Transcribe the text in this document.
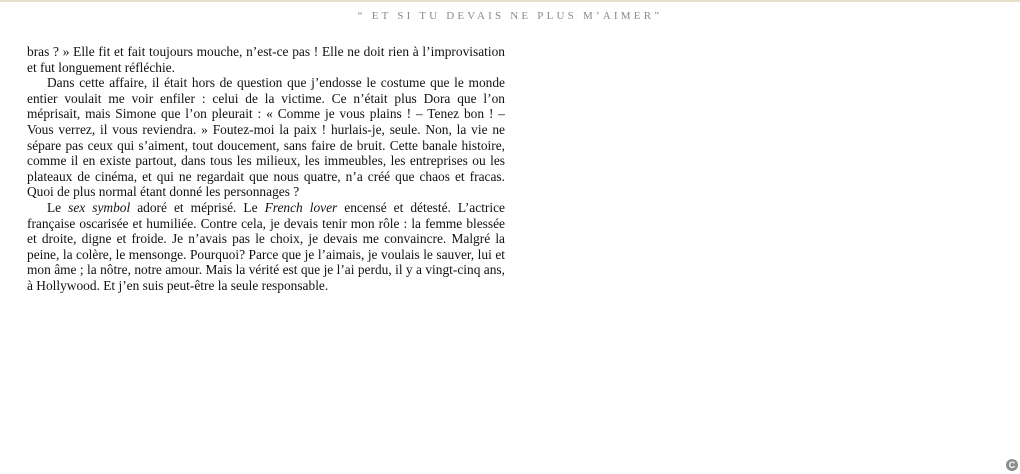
“ ET SI TU DEVAIS NE PLUS M’AIMER”

bras ? » Elle fit et fait toujours mouche, n’est-ce pas ! Elle ne doit rien à l’improvisation et fut longuement réfléchie.

Dans cette affaire, il était hors de question que j’endosse le costume que le monde entier voulait me voir enfiler : celui de la victime. Ce n’était plus Dora que l’on méprisait, mais Simone que l’on pleurait : « Comme je vous plains ! – Tenez bon ! – Vous verrez, il vous reviendra. » Foutez-moi la paix ! hurlais-je, seule. Non, la vie ne sépare pas ceux qui s’aiment, tout doucement, sans faire de bruit. Cette banale histoire, comme il en existe partout, dans tous les milieux, les immeubles, les entreprises ou les plateaux de cinéma, et qui ne regardait que nous quatre, n’a créé que chaos et fracas. Quoi de plus normal étant donné les personnages ?

Le sex symbol adoré et méprisé. Le French lover encensé et détesté. L’actrice française oscarisée et humiliée. Contre cela, je devais tenir mon rôle : la femme blessée et droite, digne et froide. Je n’avais pas le choix, je devais me convaincre. Malgré la peine, la colère, le mensonge. Pourquoi? Parce que je l’aimais, je voulais le sauver, lui et mon âme ; la nôtre, notre amour. Mais la vérité est que je l’ai perdu, il y a vingt-cinq ans, à Hollywood. Et j’en suis peut-être la seule responsable.

C
